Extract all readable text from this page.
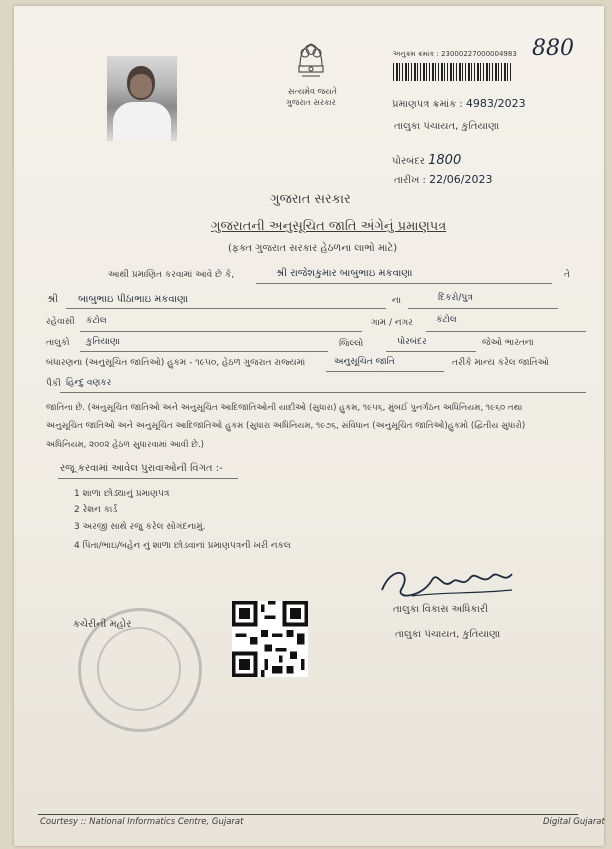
સત્યમેવ જયતે
ગુજરાત સરકાર
અનુક્રમ ક્રમાંક : 23000227000004983 880
પ્રમાણપત્ર ક્રમાંક : 4983/2023
તાલુકા પંચાયત, કુતિયાણા
પોરબંદર 1800
તારીખ : 22/06/2023
ગુજરાત સરકાર
ગુજરાતની અનુસૂચિત જાતિ અંગેનું પ્રમાણપત્ર
(ફક્ત ગુજરાત સરકાર હેઠળના લાભો માટે)
આથી પ્રમાણિત કરવામાં આવે છે કે,	શ્રી રાજેશકુમાર બાબુભાઇ મકવાણા	તે
શ્રી બાબુભાઇ પીઠાભાઇ મકવાણા	ના	દિકરો/પુત્ર
રહેવાસી કંટોલ	ગામ / નગર	કંટોલ
તાલુકો કુતિયાણા	જિલ્લો	પોરબંદર	જેઓ ભારતના
બંધારણના (અનુસૂચિત જાતિઓ) હુકમ - ૧૯૫૦, હેઠળ ગુજરાત રાજ્યમાં	અનુસૂચિત જાતિ	તરીકે માન્ય કરેલ જાતિઓ
પૈકી હિન્દુ વણકર
જાતિના છે. (અનુસૂચિત જાતિઓ અને અનુસૂચિત આદિજાતિઓની યાદીઓ (સુધારા) હુકમ, ૧૯૫૬, મુંબઈ પુનર્ગઠન અધિનિયમ, ૧૯૬૦ તથા
અનુસૂચિત જાતિઓ અને અનુસૂચિત આદિજાતિઓ હુકમ (સુધારા અધિનિયમ, ૧૯૭૬, સંવિધાન (અનુસૂચિત જાતિઓ)હુકમો (દ્વિતીય સુધારો)
અધિનિયમ, ૨૦૦૨ હેઠળ સુધારવામાં આવી છે.)
રજૂ કરવામાં આવેલ પુરાવાઓની વિગત :-
1 શાળા છોડ્યાનું પ્રમાણપત્ર
2 રેશન કાર્ડ
3 અરજી સાથે રજુ કરેલ સોગંદનામું.
4 પિતા/ભાઇ/બહેન નું શાળા છોડવાનાં પ્રમાણપત્રની ખરી નકલ
તાલુકા વિકાસ અધિકારી
તાલુકા પંચાયત, કુતિયાણા
કચેરીની મહોર
Courtesy :: National Informatics Centre, Gujarat	Digital Gujarat
